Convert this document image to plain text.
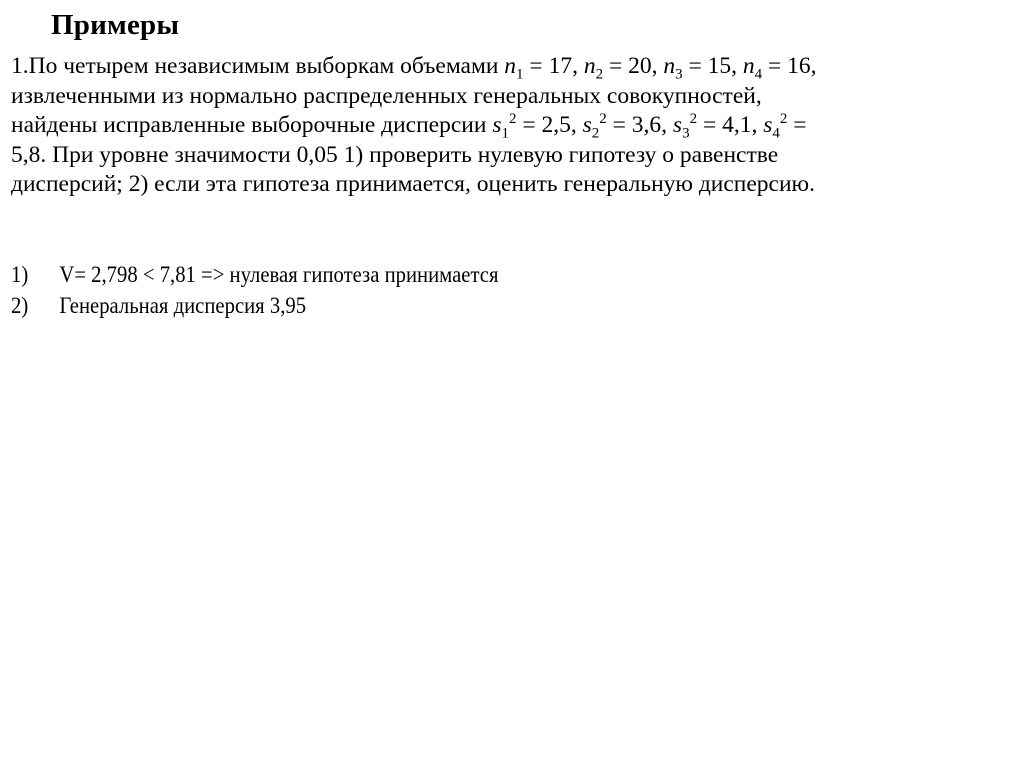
Примеры
1.По четырем независимым выборкам объемами $n_1 = 17$, $n_2 = 20$, $n_3 = 15$, $n_4 = 16$,
извлеченными из нормально распределенных генеральных совокупностей,
найдены исправленные выборочные дисперсии $s_1^2 = 2,5$, $s_2^2 = 3,6$, $s_3^2 = 4,1$, $s_4^2$ =
5,8. При уровне значимости 0,05 1) проверить нулевую гипотезу о равенстве
дисперсий; 2) если эта гипотеза принимается, оценить генеральную дисперсию.
1)	V= 2,798 < 7,81 => нулевая гипотеза принимается
2)	Генеральная дисперсия 3,95
